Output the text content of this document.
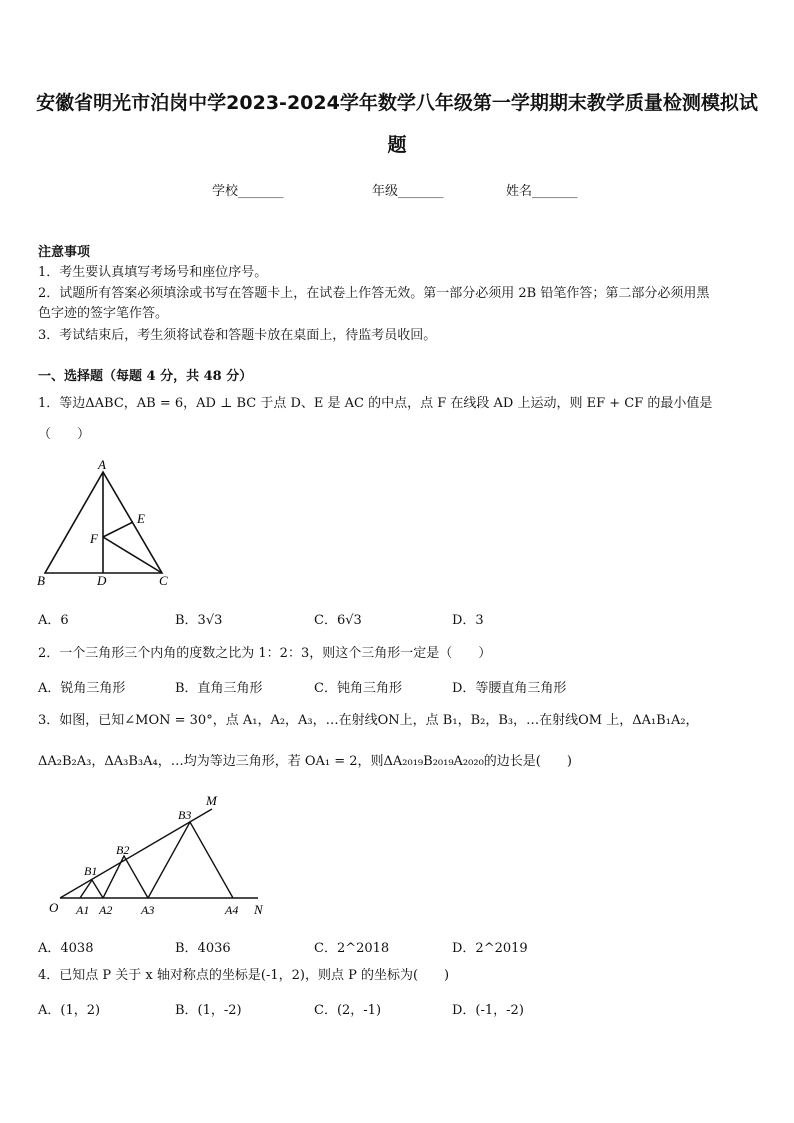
安徽省明光市泊岗中学2023-2024学年数学八年级第一学期期末教学质量检测模拟试
题
学校_______	年级_______	姓名_______
注意事项
1．考生要认真填写考场号和座位序号。
2．试题所有答案必须填涂或书写在答题卡上，在试卷上作答无效。第一部分必须用 2B 铅笔作答；第二部分必须用黑
色字迹的签字笔作答。
3．考试结束后，考生须将试卷和答题卡放在桌面上，待监考员收回。
一、选择题（每题 4 分，共 48 分）
1．等边ΔABC，AB = 6，AD ⊥ BC 于点 D、E 是 AC 的中点，点 F 在线段 AD 上运动，则 EF + CF 的最小值是
（　　）
A
B	C
D
E
F
A．6	B．3√3	C．6√3	D．3
2．一个三角形三个内角的度数之比为 1：2：3，则这个三角形一定是（　　）
A．锐角三角形	B．直角三角形	C．钝角三角形	D．等腰直角三角形
3．如图，已知∠MON = 30°，点 A₁，A₂，A₃，…在射线ON上，点 B₁，B₂，B₃，…在射线OM 上，ΔA₁B₁A₂，
ΔA₂B₂A₃，ΔA₃B₃A₄，…均为等边三角形，若 OA₁ = 2，则ΔA₂₀₁₉B₂₀₁₉A₂₀₂₀的边长是(　　)
O
M
N
A1 A2 A3	A4
B1
B2
B3
A．4038	B．4036	C．2^2018	D．2^2019
4．已知点 P 关于 x 轴对称点的坐标是(-1，2)，则点 P 的坐标为(　　)
A．(1，2)	B．(1，-2)	C．(2，-1)	D．(-1，-2)
